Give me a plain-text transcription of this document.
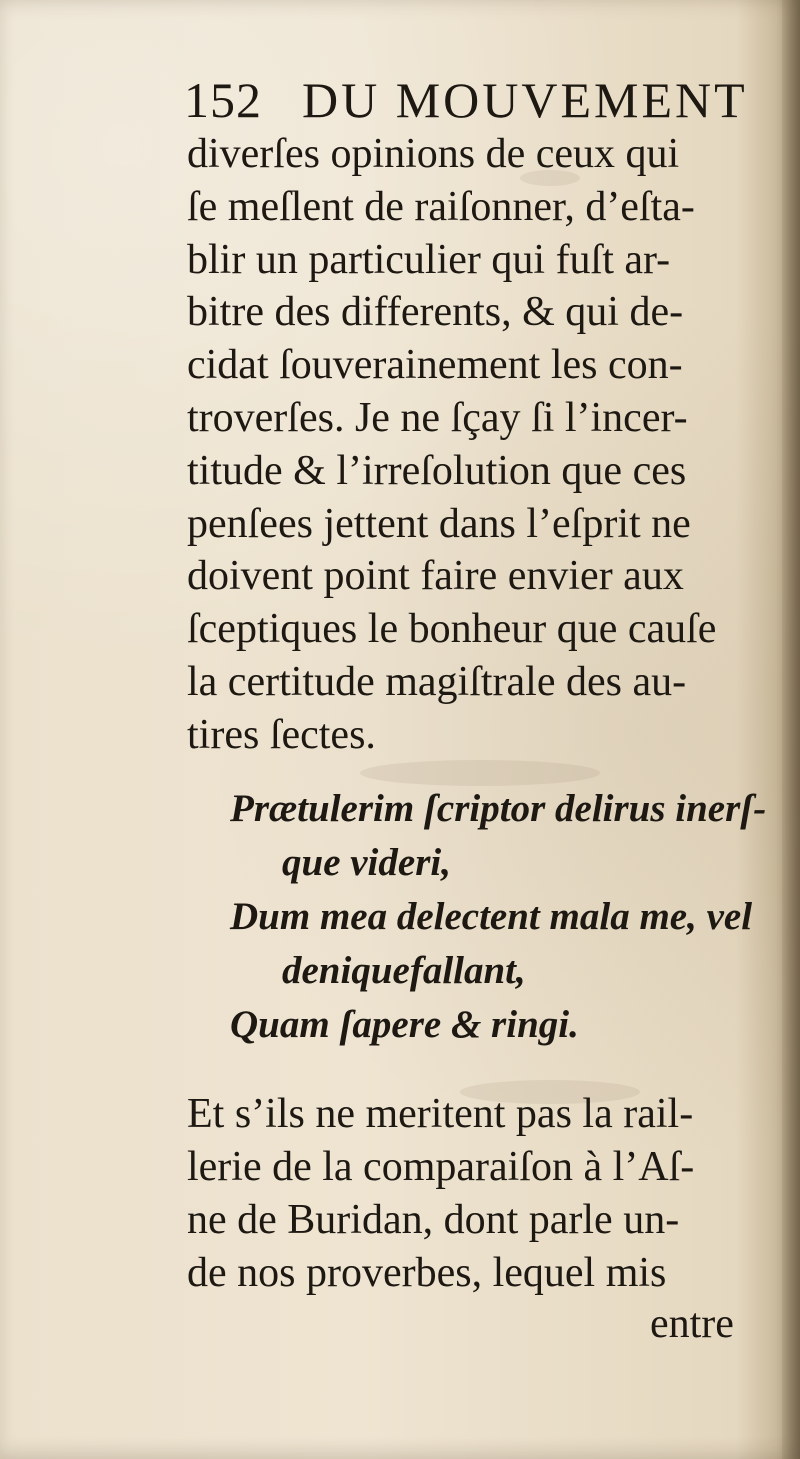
152 DU MOUVEMENT
diverſes opinions de ceux qui
ſe meſlent de raiſonner, d’eſta-
blir un particulier qui fuſt ar-
bitre des differents, & qui de-
cidat ſouverainement les con-
troverſes. Je ne ſçay ſi l’incer-
titude & l’irreſolution que ces
penſees jettent dans l’eſprit ne
doivent point faire envier aux
ſceptiques le bonheur que cauſe
la certitude magiſtrale des au-
tires ſectes.
Prætulerim ſcriptor delirus inerſ-
que videri,
Dum mea delectent mala me, vel
deniquefallant,
Quam ſapere & ringi.
Et s’ils ne meritent pas la rail-
lerie de la comparaiſon à l’Aſ-
ne de Buridan, dont parle un-
de nos proverbes, lequel mis
entre
